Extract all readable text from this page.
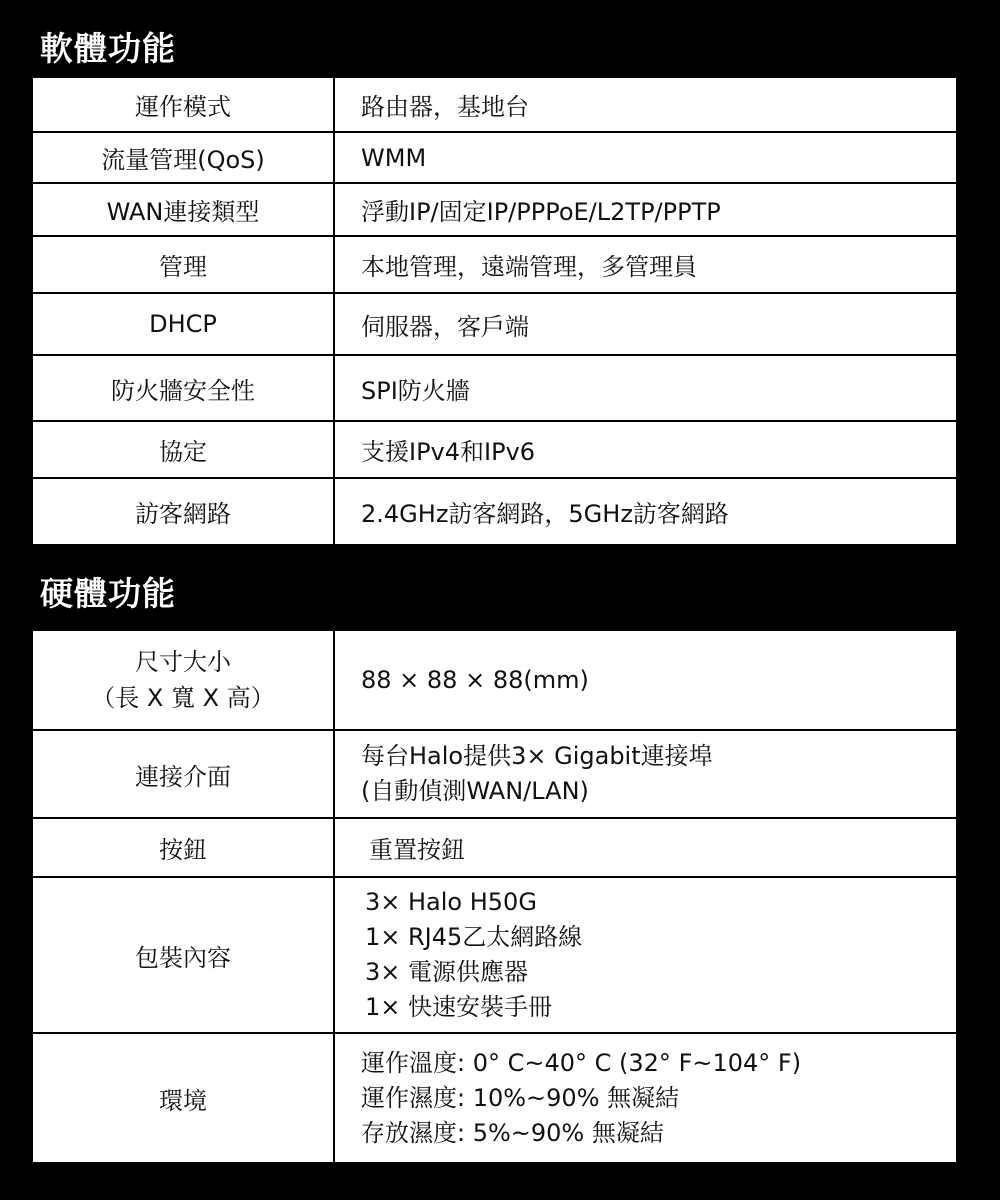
軟體功能
運作模式	路由器，基地台
流量管理(QoS)	WMM
WAN連接類型	浮動IP/固定IP/PPPoE/L2TP/PPTP
管理	本地管理，遠端管理，多管理員
DHCP	伺服器，客戶端
防火牆安全性	SPI防火牆
協定	支援IPv4和IPv6
訪客網路	2.4GHz訪客網路，5GHz訪客網路
硬體功能
尺寸大小
（長 X 寬 X 高）	88 × 88 × 88(mm)

連接介面	每台Halo提供3× Gigabit連接埠
(自動偵測WAN/LAN)

按鈕	重置按鈕

包裝內容	3× Halo H50G
1× RJ45乙太網路線
3× 電源供應器
1× 快速安裝手冊

環境	運作溫度: 0° C~40° C (32° F~104° F)
運作濕度: 10%~90% 無凝結
存放濕度: 5%~90% 無凝結
